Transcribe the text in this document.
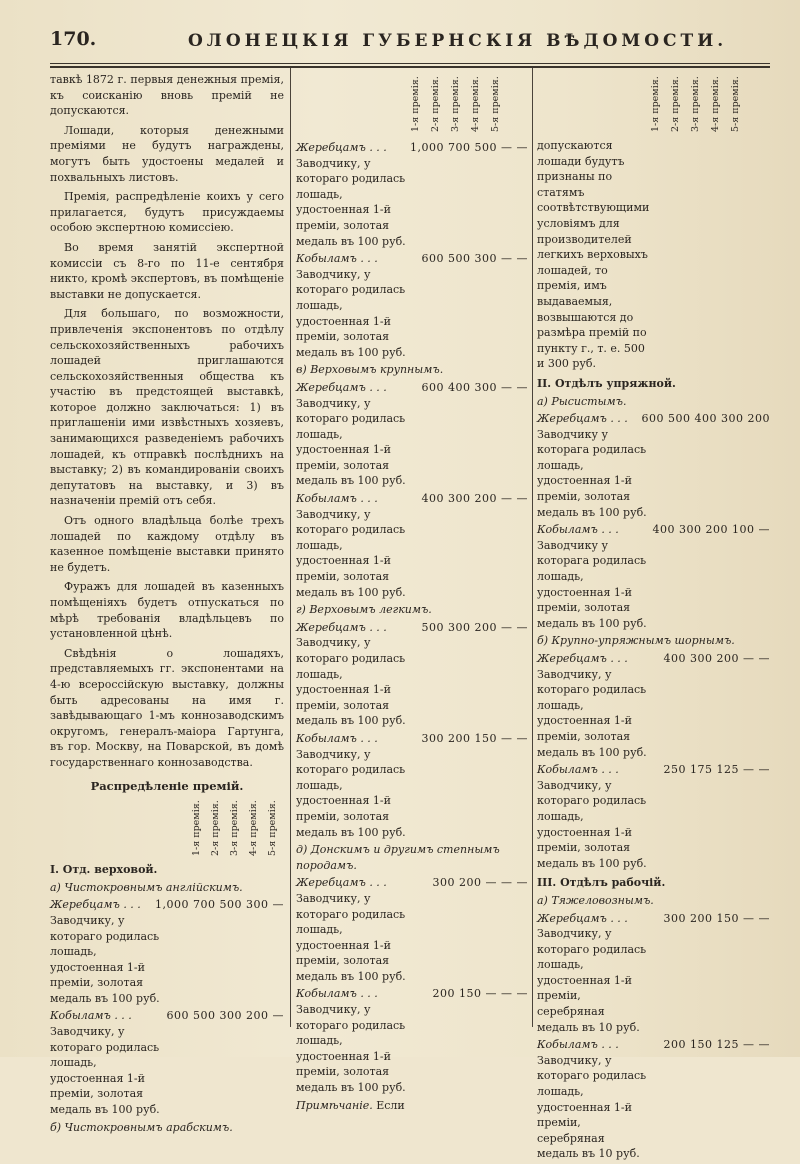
170.	ОЛОНЕЦКІЯ ГУБЕРНСКІЯ ВѢДОМОСТИ.
1-я премія. 2-я премія. 3-я премія. 4-я премія. 5-я премія.	1-я премія. 2-я премія. 3-я премія. 4-я премія. 5-я премія.

тавкѣ 1872 г. первыя денежныя премія, къ соисканію вновь премій не допускаются.

Лошади, которыя денежными преміями не будутъ награждены, могутъ быть удостоены медалей и похвальныхъ листовъ.

Премія, распредѣленіе коихъ у сего прилагается, будутъ присуждаемы особою экспертною комиссіею.

Во время занятій экспертной комиссіи съ 8-го по 11-е сентября никто, кромѣ экспертовъ, въ помѣщеніе выставки не допускается.

Для большаго, по возможности, привлеченія экспонентовъ по отдѣлу сельскохозяйственныхъ рабочихъ лошадей приглашаются сельскохозяйственныя общества къ участію въ предстоящей выставкѣ, которое должно заключаться: 1) въ приглашеніи ими извѣстныхъ хозяевъ, занимающихся разведеніемъ рабочихъ лошадей, къ отправкѣ послѣднихъ на выставку; 2) въ командированіи своихъ депутатовъ на выставку, и 3) въ назначеніи премій отъ себя.

Отъ одного владѣльца болѣе трехъ лошадей по каждому отдѣлу въ казенное помѣщеніе выставки принято не будетъ.

Фуражъ для лошадей въ казенныхъ помѣщеніяхъ будетъ отпускаться по мѣрѣ требованія владѣльцевъ по установленной цѣнѣ.

Свѣдѣнія о лошадяхъ, представляемыхъ гг. экспонентами на 4-ю всероссійскую выставку, должны быть адресованы на имя г. завѣдывающаго 1-мъ коннозаводскимъ округомъ, генералъ-маіора Гартунга, въ гор. Москву, на Поварской, въ домѣ государственнаго коннозаводства.

Распредѣленіе премій.
1-я премія. 2-я премія. 3-я премія. 4-я премія. 5-я премія.
I. Отд. верховой.
а) Чистокровнымъ англійскимъ.
Жеребцамъ . . . 1,000 700 500 300 —
Заводчику, у котораго родилась лошадь, удостоенная 1-й преміи, золотая медаль въ 100 руб.
Кобыламъ . . .	600 500 300 200 —
Заводчику, у котораго родилась лошадь, удостоенная 1-й преміи, золотая медаль въ 100 руб.
б) Чистокровнымъ арабскимъ.
Жеребцамъ . . . 1,000 700 500 — —
Заводчику, у котораго родилась лошадь, удостоенная 1-й преміи, золотая медаль въ 100 руб.
Кобыламъ . . .	600 500 300 — —
Заводчику, у котораго родилась лошадь, удостоенная 1-й преміи, золотая медаль въ 100 руб.
в) Верховымъ крупнымъ.
Жеребцамъ . . .	600 400 300 — —
Заводчику, у котораго родилась лошадь, удостоенная 1-й преміи, золотая медаль въ 100 руб.
Кобыламъ . . .	400 300 200 — —
Заводчику, у котораго родилась лошадь, удостоенная 1-й преміи, золотая медаль въ 100 руб.
г) Верховымъ легкимъ.
Жеребцамъ . . .	500 300 200 — —
Заводчику, у котораго родилась лошадь, удостоенная 1-й преміи, золотая медаль въ 100 руб.
Кобыламъ . . .	300 200 150 — —
Заводчику, у котораго родилась лошадь, удостоенная 1-й преміи, золотая медаль въ 100 руб.
д) Донскимъ и другимъ степнымъ породамъ.
Жеребцамъ . . .	300 200 — — —
Заводчику, у котораго родилась лошадь, удостоенная 1-й преміи, золотая медаль въ 100 руб.
Кобыламъ . . .	200 150 — — —
Заводчику, у котораго родилась лошадь, удостоенная 1-й преміи, золотая медаль въ 100 руб.
Примѣчаніе. Если
допускаются лошади будутъ признаны по статямъ соотвѣтствующими условіямъ для производителей легкихъ верховыхъ лошадей, то премія, имъ выдаваемыя, возвышаются до размѣра премій по пункту г., т. е. 500 и 300 руб.
II. Отдѣлъ упряжной.
а) Рысистымъ.
Жеребцамъ . . . 600 500 400 300 200
Заводчику у которага родилась лошадь, удостоенная 1-й преміи, золотая медаль въ 100 руб.
Кобыламъ . . .	400 300 200 100 —
Заводчику у которага родилась лошадь, удостоенная 1-й преміи, золотая медаль въ 100 руб.
б) Крупно-упряжнымъ шорнымъ.
Жеребцамъ . . .	400 300 200 — —
Заводчику, у котораго родилась лошадь, удостоенная 1-й преміи, золотая медаль въ 100 руб.
Кобыламъ . . .	250 175 125 — —
Заводчику, у котораго родилась лошадь, удостоенная 1-й преміи, золотая медаль въ 100 руб.
III. Отдѣлъ рабочій.
а) Тяжеловознымъ.
Жеребцамъ . . .	300 200 150 — —
Заводчику, у котораго родилась лошадь, удостоенная 1-й преміи, серебряная медаль въ 10 руб.
Кобыламъ . . .	200 150 125 — —
Заводчику, у котораго родилась лошадь, удостоенная 1-й преміи, серебряная медаль въ 10 руб.
